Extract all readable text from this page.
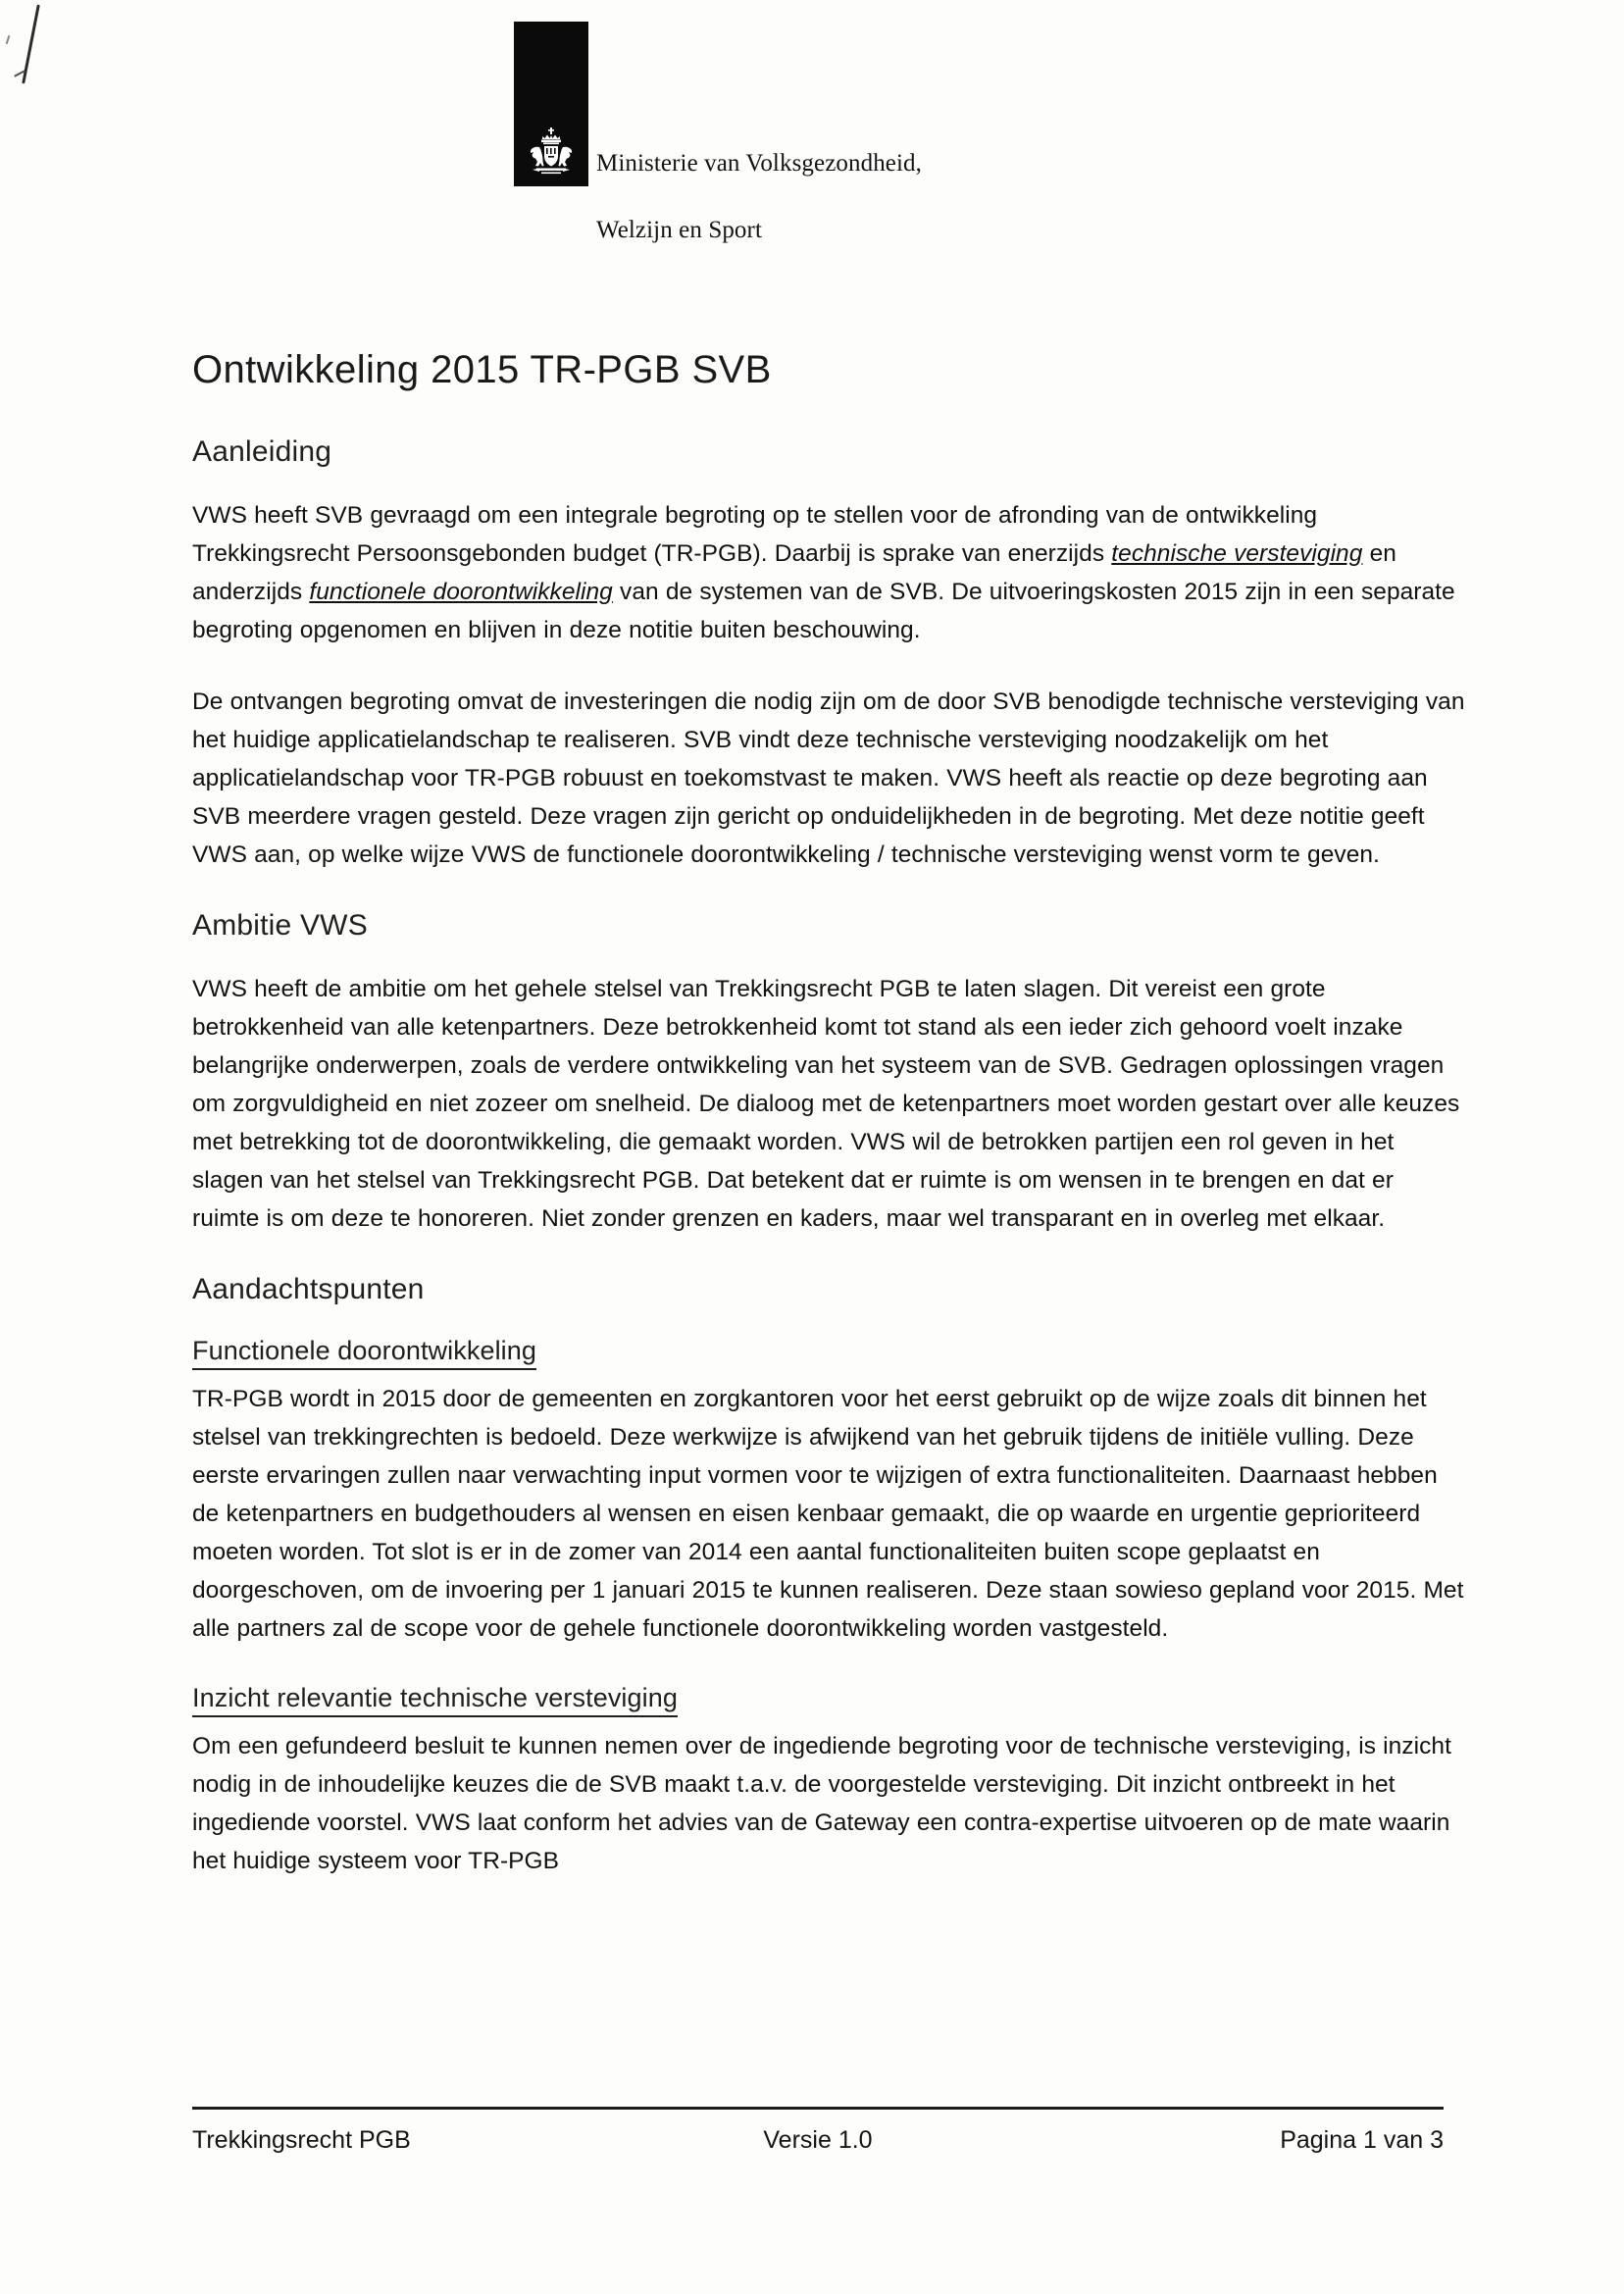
Ministerie van Volksgezondheid,

Welzijn en Sport

Ontwikkeling 2015 TR-PGB SVB
Aanleiding

VWS heeft SVB gevraagd om een integrale begroting op te stellen voor de afronding van de ontwikkeling Trekkingsrecht Persoonsgebonden budget (TR-PGB). Daarbij is sprake van enerzijds technische versteviging en anderzijds functionele doorontwikkeling van de systemen van de SVB. De uitvoeringskosten 2015 zijn in een separate begroting opgenomen en blijven in deze notitie buiten beschouwing.

De ontvangen begroting omvat de investeringen die nodig zijn om de door SVB benodigde technische versteviging van het huidige applicatielandschap te realiseren. SVB vindt deze technische versteviging noodzakelijk om het applicatielandschap voor TR-PGB robuust en toekomstvast te maken. VWS heeft als reactie op deze begroting aan SVB meerdere vragen gesteld. Deze vragen zijn gericht op onduidelijkheden in de begroting. Met deze notitie geeft VWS aan, op welke wijze VWS de functionele doorontwikkeling / technische versteviging wenst vorm te geven.

Ambitie VWS

VWS heeft de ambitie om het gehele stelsel van Trekkingsrecht PGB te laten slagen. Dit vereist een grote betrokkenheid van alle ketenpartners. Deze betrokkenheid komt tot stand als een ieder zich gehoord voelt inzake belangrijke onderwerpen, zoals de verdere ontwikkeling van het systeem van de SVB. Gedragen oplossingen vragen om zorgvuldigheid en niet zozeer om snelheid. De dialoog met de ketenpartners moet worden gestart over alle keuzes met betrekking tot de doorontwikkeling, die gemaakt worden. VWS wil de betrokken partijen een rol geven in het slagen van het stelsel van Trekkingsrecht PGB. Dat betekent dat er ruimte is om wensen in te brengen en dat er ruimte is om deze te honoreren. Niet zonder grenzen en kaders, maar wel transparant en in overleg met elkaar.

Aandachtspunten
Functionele doorontwikkeling

TR-PGB wordt in 2015 door de gemeenten en zorgkantoren voor het eerst gebruikt op de wijze zoals dit binnen het stelsel van trekkingrechten is bedoeld. Deze werkwijze is afwijkend van het gebruik tijdens de initiële vulling. Deze eerste ervaringen zullen naar verwachting input vormen voor te wijzigen of extra functionaliteiten. Daarnaast hebben de ketenpartners en budgethouders al wensen en eisen kenbaar gemaakt, die op waarde en urgentie geprioriteerd moeten worden. Tot slot is er in de zomer van 2014 een aantal functionaliteiten buiten scope geplaatst en doorgeschoven, om de invoering per 1 januari 2015 te kunnen realiseren. Deze staan sowieso gepland voor 2015. Met alle partners zal de scope voor de gehele functionele doorontwikkeling worden vastgesteld.

Inzicht relevantie technische versteviging

Om een gefundeerd besluit te kunnen nemen over de ingediende begroting voor de technische versteviging, is inzicht nodig in de inhoudelijke keuzes die de SVB maakt t.a.v. de voorgestelde versteviging. Dit inzicht ontbreekt in het ingediende voorstel. VWS laat conform het advies van de Gateway een contra-expertise uitvoeren op de mate waarin het huidige systeem voor TR-PGB

Trekkingsrecht PGB	Versie 1.0	Pagina 1 van 3
